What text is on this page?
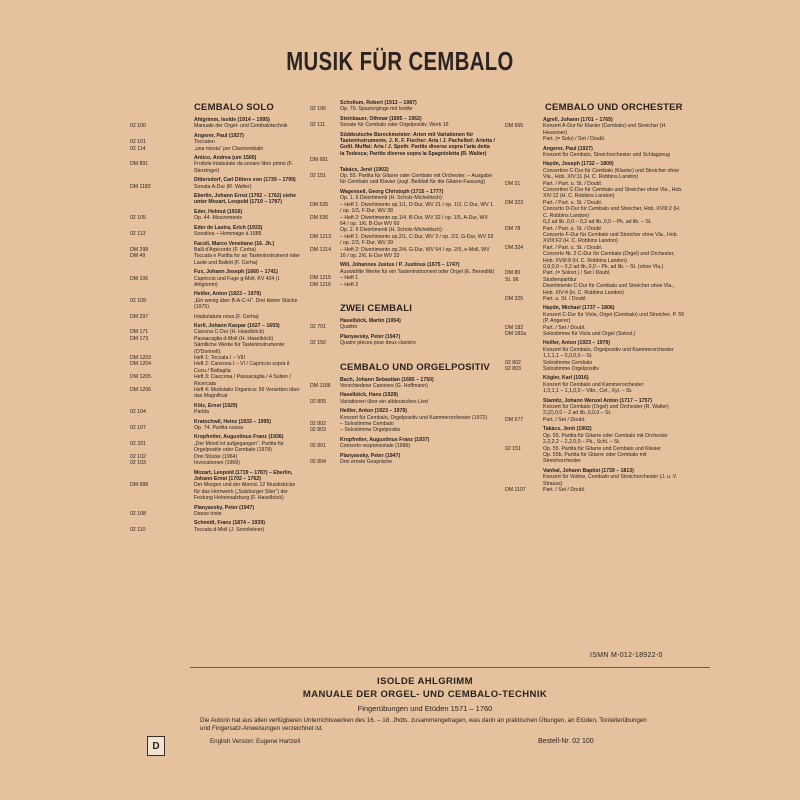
MUSIK FÜR CEMBALO
CEMBALO SOLO
Ahlgrimm, Isolde (1914 – 1995)
02 100	Manuale der Orgel- und Cembalotechnik
Angerer, Paul (1927)
02 101	Toccaten
02 114	„una mesta“ per Clavicembalo
Antico, Andrea (um 1500)
DM 891	Frottole intabulate da sonare libro primo (F. Sterzinger)
Dittersdorf, Carl Ditters von (1739 – 1799)
DM 1183	Sonata A-Dur (R. Walter)
Eberlin, Johann Ernst (1702 – 1762) siehe unter Mozart, Leopold (1719 – 1787)
Eder, Helmut (1916)
02 105	Op. 44. Mouvements
Eder de Lastra, Erich (1933)
02 113	Sonatina – Hommage à 1685
Facoli, Marco Venetiano (16. Jh.)
DM 298	Balli d'Arpicordo (F. Cerha)
DM 49	Toccata e Partita for an Tasteninstrument oder Laute und Ballett (F. Cerha)
Fux, Johann Joseph (1660 – 1741)
DM 106	Capriccio und Fuge g-Moll, KV 404 (I. Ahlgrimm)
Heiller, Anton (1923 – 1979)
02 109	„Ein wenig über B-A-C-H“. Drei kleine Stücke (1975)
DM 297	Intabulatura nova (F. Cerha)
Kerll, Johann Kaspar (1627 – 1693)
DM 171	Ciacona C-Dur (H. Haselböck)
DM 173	Passacaglia d-Moll (H. Haselböck)
Sämtliche Werke für Tasteninstrumente (O'Donnell):
DM 1203	Heft 1: Toccata I – VIII
DM 1204	Heft 2: Canzona I – VI / Capriccio sopra il Cucu / Battaglia
DM 1205	Heft 3: Ciaccona / Passacaglia / 4 Suiten / Ricercata
DM 1206	Heft 4: Modulatio Organica: 56 Versetten über das Magnificat
Kölz, Ernst (1929)
02 104	Partita
Kratochwil, Heinz (1933 – 1995)
02 107	Op. 74. Partita nuova
Kropfreiter, Augustinus Franz (1936)
02 331	„Der Mond ist aufgegangen“. Partita für Orgelpositiv oder Cembalo (1978)
02 102	Drei Stücke (1964)
02 103	Invocationen (1969)
Mozart, Leopold (1719 – 1787) – Eberlin, Johann Ernst (1702 – 1762)
DM 588	Der Morgen und der Abend. 12 Musikstücke für das Hornwerk („Salzburger Stier“) der Festung Hohensalzburg (F. Haselböck)
Planyavsky, Peter (1947)
02 108	Danse triste
Schmidt, Franz (1874 – 1939)
02 110	Toccata d-Moll (J. Sonnleitner)
Schollum, Robert (1913 – 1987)
02 106	Op. 70. Spazierginge mit Isolde
Steinbauer, Othmar (1895 – 1962)
02 111	Sonate für Cembalo oder Orgelpositiv, Werk 16
Süddeutsche Barockmeister: Arien mit Variationen für Tasteninstrumente, J. K. F. Fischer: Aria / J. Pachelbel: Arietta / Gottl. Muffat: Aria / J. Speth: Partite diverse sopra l'aria detta la Todesca; Partite diverse sopra la Spagnioletta (R. Walter)
DM 681
Takács, Jenö (1902)
02 151	Op. 55. Partita für Gitarre oder Cembalo mit Orchester. – Ausgabe für Cembalo und Klavier (zugl. Beiblatt für die Gitarre-Fassung)
Wagenseil, Georg Christoph (1715 – 1777)
Op. 1. 6 Divertimenti (H. Scholz-Michelitsch):
DM 535	– Heft 1: Divertimento op.1/1, D-Dur, WV 21 / op. 1/2, C-Dur, WV 1 / op. 1/3, F-Dur, WV 38
DM 536	– Heft 2: Divertimento op.1/4, B-Dur, WV 32 / op. 1/5, A-Dur, WV 64 / op. 1/6, B-Dur WV 60
Op. 2. 6 Divertimenti (H. Scholz-Michelitsch):
DM 1213	– Heft 1: Divertimento op.2/1, C-Dur, WV 3 / op. 2/2, G-Dur, WV 53 / op. 2/3, F-Dur, WV 39
DM 1214	– Heft 2: Divertimento op.2/4, G-Dur, WV 54 / op. 2/5, e-Moll, WV 16 / op. 2/6, E-Dur WV 33
Will, Johannes Justus / P. Justinus (1675 – 1747)
Auswählte Werke für ein Tasteninstrument oder Orgel (E. Benedikt)
DM 1215	– Heft 1
DM 1216	– Heft 2
ZWEI CEMBALI
Haselböck, Martin (1954)
02 701	Quattro
Planyavsky, Peter (1947)
02 150	Quatre pièces pour deux claviers
CEMBALO UND ORGELPOSITIV
Bach, Johann Sebastian (1685 – 1750)
DM 1186	Verschiedene Canones (G. Hoffmann)
Haselböck, Hans (1928)
02 805	Variationen über ein altdeutsches Lied
Heiller, Anton (1923 – 1979)
Konzert für Cembalo, Orgelpositiv und Kammerorchester (1972)
02 802	– Solostimme Cembalo
02 803	– Solostimme Orgelpositiv
Kropfreiter, Augustinus Franz (1937)
02 801	Concerto responsoriale (1986)
Planyavsky, Peter (1947)
02 804	Drei ernste Gespräche
CEMBALO UND ORCHESTER
Agrell, Johann (1701 – 1765)
DM 665	Konzert A-Dur für Klavier (Cembalo) und Streicher (H. Heussner)
Part. (= Solo) / Set / Doubl.
Angerer, Paul (1927)
Konzert für Cembalo, Streichorchester und Schlagzeug
Haydn, Joseph (1732 – 1809)
Concertino C-Dur für Cembalo (Klavier) und Streicher ohne Vla., Hob. XIV:11 (H. C. Robbins Landon)
DM 21	Part. / Part. u. St. / Doubl.
Concertino C-Dur für Cembalo und Streicher ohne Vla., Hob. XIV:12 (H. C. Robbins Landon)
DM 323	Part. / Part. u. St. / Doubl.
Concerto D-Dur für Cembalo und Streicher, Hob. XVIII:2 (H. C. Robbins Landon)
0,2 ad lib.,0,0 – 0,2 ad lib.,0,0 – Pk. ad lib. – St.
DM 78	Part. / Part. u. St. / Doubl.
Concerto F-Dur für Cembalo und Streicher ohne Vla., Hob. XVIII:F2 (H. C. Robbins Landon)
DM 324	Part. / Part. u. St. / Doubl.
Concerto Nr. 2 C-Dur für Cembalo (Orgel) und Orchester, Hob. XVIII:8 (H. C. Robbins Landon)
0,0,0,0 – 0,2 ad lib.,0,0 – Pk. ad lib. – St. (ohne Vla.)
DM 80	Part. (= Solost.) / Set / Doubl.
St. 96	Studienpartitur
Divertimento C-Dur für Cembalo und Streicher ohne Vla., Hob. XIV:4 (H. C. Robbins Landon)
DM 325	Part. u. St. / Doubl.
Haydn, Michael (1737 – 1806)
Konzert C-Dur für Viola, Orgel (Cembalo) und Streicher, P. 55 (P. Angerer)
DM 182	Part. / Set / Doubl.
DM 182a	Solostimme für Viola und Orgel (Solost.)
Heiller, Anton (1923 – 1979)
Konzert für Cembalo, Orgelpositiv und Kammerorchester
1,1,1,1 – 0,0,0,0 – St.
02 802	Solostimme Cembalo
02 803	Solostimme Orgelpositiv
Kögler, Karl (1916)
Konzert für Cembalo und Kammerorchester
1,0,1,1 – 1,1,0,0 – Vibr., Cel., Xyl. – St.
Stamitz, Johann Wenzel Anton (1717 – 1757)
Konzert für Cembalo (Orgel) und Orchester (R. Walter)
2,(2),0,0 – 2 ad lib.,0,0,0 – St.
DM 677	Part. / Set / Doubl.
Takács, Jenö (1902)
Op. 55. Partita für Gitarre oder Cembalo mit Orchester
2,2,2,2 – 2,2,0,0 – Pk., Schl. – St.
02 151	Op. 55. Partita für Gitarre und Cembalo und Klavier
Op. 55b. Partita für Gitarre oder Cembalo mit Streichorchester
Vanhal, Johann Baptist (1739 – 1813)
Konzert für Violine, Cembalo und Streichorchester (J. u. V. Strauss)
DM 1107	Part. / Set / Doubl.
ISMN M-012-18922-0
ISOLDE AHLGRIMM
MANUALE DER ORGEL- UND CEMBALO-TECHNIK
Fingerübungen und Etüden 1571 – 1760
Die Autorin hat aus allen verfügbaren Unterrichtswerken des 16. – 18. Jhdts. zusammengetragen, was darin an praktischen Übungen, an Etüden, Tonleiterübungen und Fingersatz-Anweisungen verzeichnet ist.
D	English Version: Eugene Hartzell	Bestell-Nr. 02 100
